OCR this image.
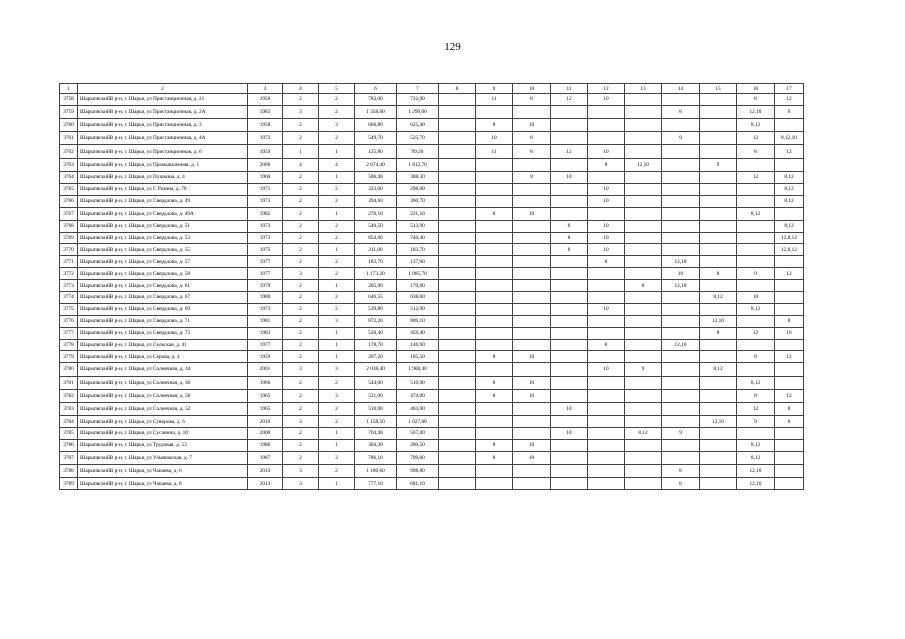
129
1	2	3	4	5	6	7	8	9	10	11	12	13	14	15	16	17
3758	ШарыпвскийВ р-н, г. Шарья, ул Пристанционная, д. 21	1956	2	2	783,00	722,00		11	8	12	10				8	12
3759	ШарыпвскийВ р-н, г. Шарья, ул Пристанционная, д. 2А	1983	3	2	1 358,00	1 299,00							8		12,10	9
3760	ШарыпвскийВ р-н, г. Шарья, ул Пристанционная, д. 3	1958	2	3	666,80	625,40		8	10						8,12	
3761	ШарыпвскийВ р-н, г. Шарья, ул Пристанционная, д. 4А	1972	2	2	549,70	525,70		10	8				9		12	8,12,10
3762	ШарыпвскийВ р-н, г. Шарья, ул Пристанционная, д. 6	1959	1	1	125,80	99,20		11	8	12	10				8	12
3763	ШарыпвскийВ р-н, г. Шарья, ул Промышленная, д. 1	2006	4	4	2 674,40	1 812,70					8	12,10		9		
3764	ШарыпвскийВ р-н, г. Шарья, ул Пушкина, д. 4	1960	2	1	506,40	388,30			8	10					12	8,12
3765	ШарыпвскийВ р-н, г. Шарья, ул С Разина, д. 70	1971	2	2	323,00	298,00					10					8,12
3766	ШарыпвскийВ р-н, г. Шарья, ул Свердлова, д. 49	1973	2	2	394,60	360,70					10					8,12
3767	ШарыпвскийВ р-н, г. Шарья, ул Свердлова, д. 49А	1982	2	1	276,10	221,10		8	10						8,12	
3768	ШарыпвскийВ р-н, г. Шарья, ул Свердлова, д. 51	1973	2	2	540,50	513,90				8	10					8,12
3769	ШарыпвскийВ р-н, г. Шарья, ул Свердлова, д. 53	1973	2	2	854,60	740,40				8	10					12,8,12
3770	ШарыпвскийВ р-н, г. Шарья, ул Свердлова, д. 55	1975	2	1	211,00	183,70				8	10					12,8,12
3771	ШарыпвскийВ р-н, г. Шарья, ул Свердлова, д. 57	1977	2	2	183,70	137,00					8		12,10			
3772	ШарыпвскийВ р-н, г. Шарья, ул Свердлова, д. 58	1977	3	2	1 173,20	1 085,70							10	8	9	12
3773	ШарыпвскийВ р-н, г. Шарья, ул Свердлова, д. 61	1979	2	1	205,90	170,00						8	12,10			
3774	ШарыпвскийВ р-н, г. Шарья, ул Свердлова, д. 67	1980	2	2	646,55	638,00								8,12	10	
3775	ШарыпвскийВ р-н, г. Шарья, ул Свердлова, д. 69	1973	2	2	539,80	512,90					10				8,12	
3776	ШарыпвскийВ р-н, г. Шарья, ул Свердлова, д. 71	1981	2	3	872,20	809,10								12,10		8
3777	ШарыпвскийВ р-н, г. Шарья, ул Свердлова, д. 73	1983	2	1	520,40	459,40								8	12	10
3778	ШарыпвскийВ р-н, г. Шарья, ул Сельская, д. 41	1977	2	1	178,70	146,90					8		12,10			
3779	ШарыпвскийВ р-н, г. Шарья, ул Серова, д. 4	1959	2	1	207,20	185,50		8	10						8	12
3780	ШарыпвскийВ р-н, г. Шарья, ул Солнечная, д. 44	2001	3	3	2 038,40	1 900,40					10	9		8,12		
3781	ШарыпвскийВ р-н, г. Шарья, ул Солнечная, д. 46	1966	2	2	544,00	510,00		8	10						8,12	
3782	ШарыпвскийВ р-н, г. Шарья, ул Солнечная, д. 50	1965	2	3	521,00	474,00		8	10						8	12
3783	ШарыпвскийВ р-н, г. Шарья, ул Солнечная, д. 52	1965	2	2	510,00	463,00				10					12	8
3784	ШарыпвскийВ р-н, г. Шарья, ул Суворова, д. 6	2010	3	2	1 158,50	1 027,00								12,10	9	8
3785	ШарыпвскийВ р-н, г. Шарья, ул Сусанина, д. 10	2000	2	1	704,40	567,00				10		8,12	9			
3786	ШарыпвскийВ р-н, г. Шарья, ул Трудовая, д. 53	1986	2	1	304,30	280,50		8	10						8,12	
3787	ШарыпвскийВ р-н, г. Шарья, ул Ульяновская, д. 7	1987	2	3	786,10	709,00		8	10						8,12	
3788	ШарыпвскийВ р-н, г. Шарья, ул Чапаева, д. 6	2013	3	2	1 180,60	998,80							8		12,10	
3789	ШарыпвскийВ р-н, г. Шарья, ул Чапаева, д. 8	2013	3	1	777,10	681,10							8		12,10	
